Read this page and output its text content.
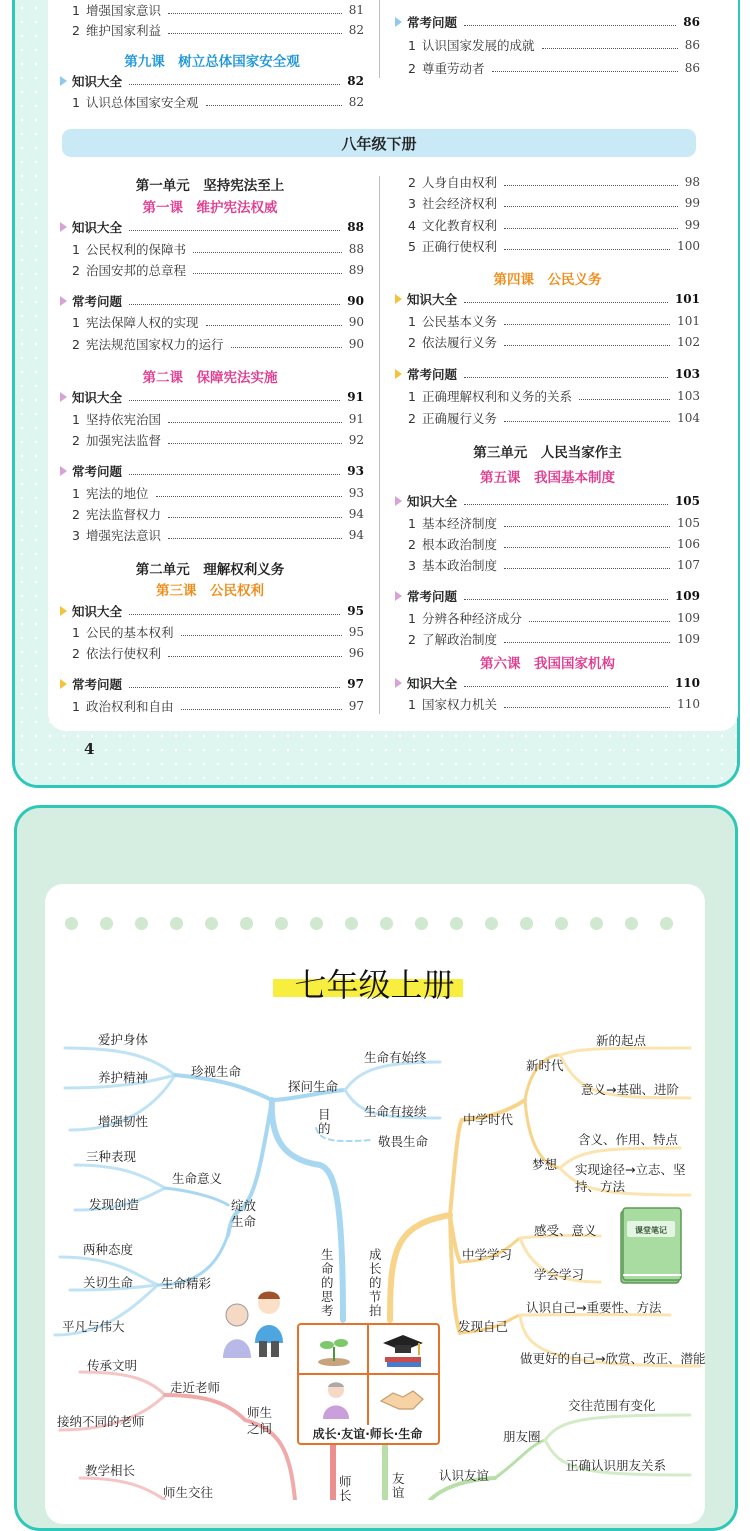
1 增强国家意识	81
2 维护国家利益	82
第九课　树立总体国家安全观
知识大全	82
1 认识总体国家安全观	82
常考问题	86
1 认识国家发展的成就	86
2 尊重劳动者	86
八年级下册
第一单元　坚持宪法至上
第一课　维护宪法权威
知识大全	88
1 公民权利的保障书	88
2 治国安邦的总章程	89
常考问题	90
1 宪法保障人权的实现	90
2 宪法规范国家权力的运行	90
第二课　保障宪法实施
知识大全	91
1 坚持依宪治国	91
2 加强宪法监督	92
常考问题	93
1 宪法的地位	93
2 宪法监督权力	94
3 增强宪法意识	94
第二单元　理解权利义务
第三课　公民权利
知识大全	95
1 公民的基本权利	95
2 依法行使权利	96
常考问题	97
1 政治权利和自由	97
2 人身自由权利	98
3 社会经济权利	99
4 文化教育权利	99
5 正确行使权利	100
第四课　公民义务
知识大全	101
1 公民基本义务	101
2 依法履行义务	102
常考问题	103
1 正确理解权利和义务的关系	103
2 正确履行义务	104
第三单元　人民当家作主
第五课　我国基本制度
知识大全	105
1 基本经济制度	105
2 根本政治制度	106
3 基本政治制度	107
常考问题	109
1 分辨各种经济成分	109
2 了解政治制度	109
第六课　我国国家机构
知识大全	110
1 国家权力机关	110
4
七年级上册
爱护身体
养护精神
增强韧性
珍视生命
三种表现
发现创造
生命意义
绽放生命
两种态度
关切生命 生命精彩
平凡与伟大
传承文明
走近老师
接纳不同的老师
师生之间
教学相长
师生交往
探问生命
生命有始终
生命有接续
目的
敬畏生命
生命的思考
成长的节拍
师长
友谊
中学时代
新时代
新的起点
意义→基础、进阶
梦想
含义、作用、特点
实现途径→立志、坚持、方法
中学学习
感受、意义
学会学习
发现自己
认识自己→重要性、方法
做更好的自己→欣赏、改正、潜能
朋友圈
交往范围有变化
正确认识朋友关系
认识友谊
课堂笔记
成长·友谊·师长·生命
